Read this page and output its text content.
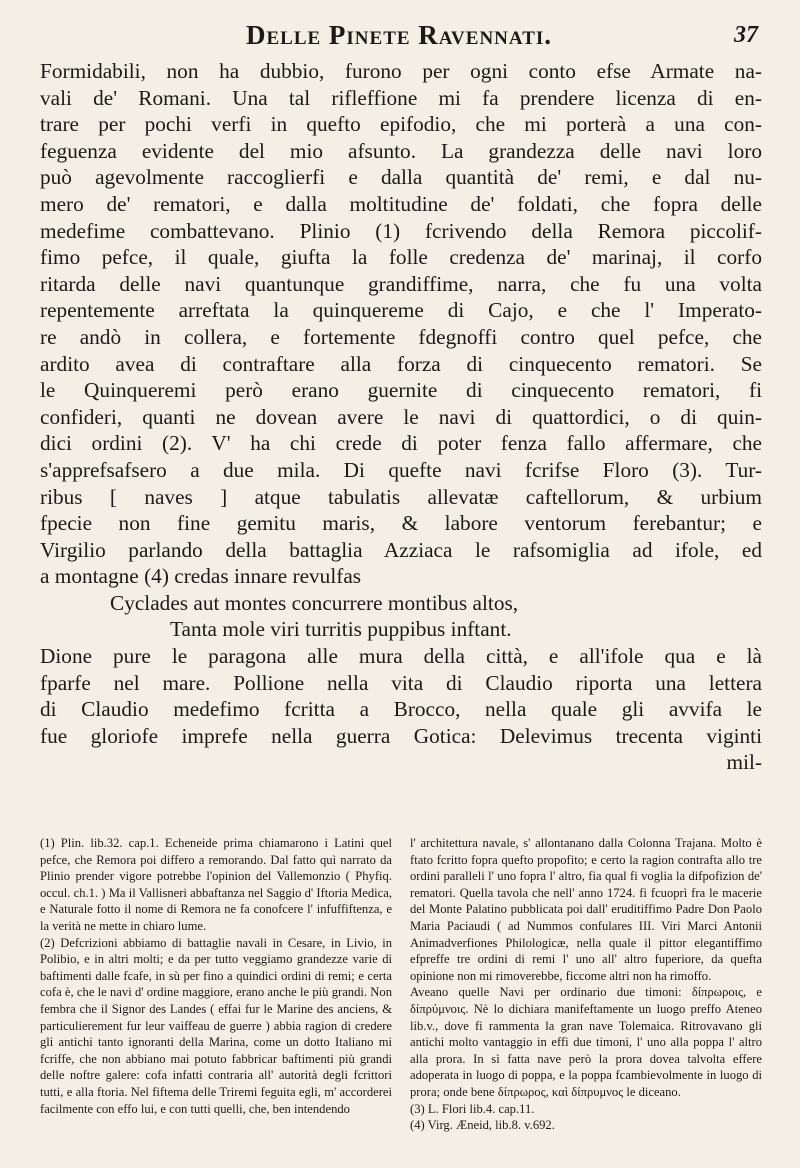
Delle Pinete Ravennati.	37
Formidabili, non ha dubbio, furono per ogni conto efse Armate na-
vali de' Romani. Una tal rifleffione mi fa prendere licenza di en-
trare per pochi verfi in quefto epifodio, che mi porterà a una con-
feguenza evidente del mio afsunto. La grandezza delle navi loro
può agevolmente raccoglierfi e dalla quantità de' remi, e dal nu-
mero de' rematori, e dalla moltitudine de' foldati, che fopra delle
medefime combattevano. Plinio (1) fcrivendo della Remora piccolif-
fimo pefce, il quale, giufta la folle credenza de' marinaj, il corfo
ritarda delle navi quantunque grandiffime, narra, che fu una volta
repentemente arreftata la quinquereme di Cajo, e che l' Imperato-
re andò in collera, e fortemente fdegnoffi contro quel pefce, che
ardito avea di contraftare alla forza di cinquecento rematori. Se
le Quinqueremi però erano guernite di cinquecento rematori, fi
confideri, quanti ne dovean avere le navi di quattordici, o di quin-
dici ordini (2). V' ha chi crede di poter fenza fallo affermare, che
s'apprefsafsero a due mila. Di quefte navi fcrifse Floro (3). Tur-
ribus [ naves ] atque tabulatis allevatæ caftellorum, & urbium
fpecie non fine gemitu maris, & labore ventorum ferebantur; e
Virgilio parlando della battaglia Azziaca le rafsomiglia ad ifole, ed
a montagne (4) credas innare revulfas
Cyclades aut montes concurrere montibus altos,
Tanta mole viri turritis puppibus inftant.
Dione pure le paragona alle mura della città, e all'ifole qua e là
fparfe nel mare. Pollione nella vita di Claudio riporta una lettera
di Claudio medefimo fcritta a Brocco, nella quale gli avvifa le
fue gloriofe imprefe nella guerra Gotica: Delevimus trecenta viginti
mil-

(1) Plin. lib.32. cap.1. Echeneide prima chiamarono i Latini quel pefce, che Remora poi differo a remorando. Dal fatto quì narrato da Plinio prender vigore potrebbe l'opinion del Vallemonzio ( Phyfiq. occul. ch.1. ) Ma il Vallisneri abbaftanza nel Saggio d' Iftoria Medica, e Naturale fotto il nome di Remora ne fa conofcere l' infuffiftenza, e la verità ne mette in chiaro lume.

(2) Defcrizioni abbiamo di battaglie navali in Cesare, in Livio, in Polibio, e in altri molti; e da per tutto veggiamo grandezze varie di baftimenti dalle fcafe, in sù per fino a quindici ordini di remi; e certa cofa è, che le navi d' ordine maggiore, erano anche le più grandi. Non fembra che il Signor des Landes ( effai fur le Marine des anciens, & particulierement fur leur vaiffeau de guerre ) abbia ragion di credere gli antichi tanto ignoranti della Marina, come un dotto Italiano mi fcriffe, che non abbiano mai potuto fabbricar baftimenti più grandi delle noftre galere: cofa infatti contraria all' autorità degli fcrittori tutti, e alla ftoria. Nel fiftema delle Triremi feguita egli, m' accorderei facilmente con effo lui, e con tutti quelli, che, ben intendendo

l' architettura navale, s' allontanano dalla Colonna Trajana. Molto è ftato fcritto fopra quefto propofito; e certo la ragion contrafta allo tre ordini paralleli l' uno fopra l' altro, fia qual fi voglia la difpofizion de' rematori. Quella tavola che nell' anno 1724. fi fcuoprì fra le macerie del Monte Palatino pubblicata poi dall' eruditiffimo Padre Don Paolo Maria Paciaudi ( ad Nummos confulares III. Viri Marci Antonii Animadverfiones Philologicæ, nella quale il pittor elegantiffimo efpreffe tre ordini di remi l' uno all' altro fuperiore, da quefta opinione non mi rimoverebbe, ficcome altri non ha rimoffo.

Aveano quelle Navi per ordinario due timoni: δίπρωροις, e δίπρύμνοις. Nè lo dichiara manifeftamente un luogo preffo Ateneo lib.v., dove fi rammenta la gran nave Tolemaica. Ritrovavano gli antichi molto vantaggio in effi due timoni, l' uno alla poppa l' altro alla prora. In sì fatta nave però la prora dovea talvolta effere adoperata in luogo di poppa, e la poppa fcambievolmente in luogo di prora; onde bene δίπρωρος, καὶ δίπρυμνος le diceano.

(3) L. Flori lib.4. cap.11.

(4) Virg. Æneid, lib.8. v.692.
